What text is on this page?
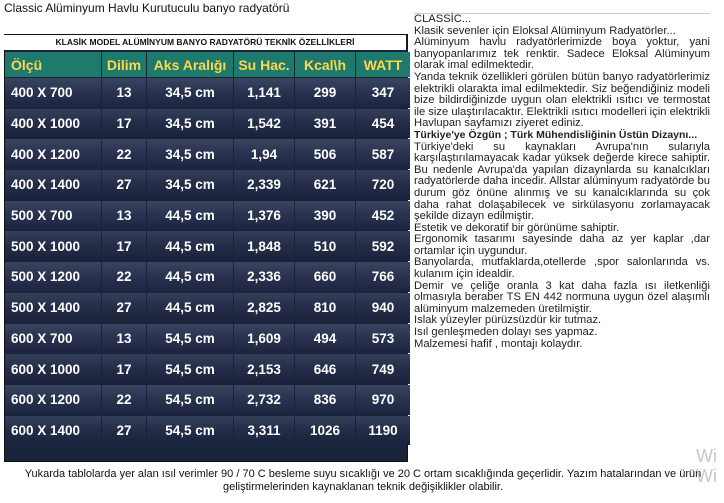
Classic Alüminyum Havlu Kurutuculu banyo radyatörü
KLASİK MODEL ALÜMİNYUM BANYO RADYATÖRÜ TEKNİK ÖZELLİKLERİ
Ölçü	Dilim	Aks Aralığı	Su Hac.	Kcal\h	WATT
400 X 700	13	34,5 cm	1,141	299	347
400 X 1000	17	34,5 cm	1,542	391	454
400 X 1200	22	34,5 cm	1,94	506	587
400 X 1400	27	34,5 cm	2,339	621	720
500 X 700	13	44,5 cm	1,376	390	452
500 X 1000	17	44,5 cm	1,848	510	592
500 X 1200	22	44,5 cm	2,336	660	766
500 X 1400	27	44,5 cm	2,825	810	940
600 X 700	13	54,5 cm	1,609	494	573
600 X 1000	17	54,5 cm	2,153	646	749
600 X 1200	22	54,5 cm	2,732	836	970
600 X 1400	27	54,5 cm	3,311	1026	1190

CLASSİC...

Klasik sevenler için Eloksal Alüminyum Radyatörler...

Alüminyum havlu radyatörlerimizde boya yoktur, yani banyopanlarımız tek renktir. Sadece Eloksal Alüminyum olarak imal edilmektedir.

Yanda teknik özellikleri görülen bütün banyo radyatörlerimiz elektrikli olarakta imal edilmektedir. Siz beğendiğiniz modeli bize bildirdiğinizde uygun olan elektrikli ısıtıcı ve termostat ile size ulaştırılacaktır. Elektrikli ısıtıcı modelleri için elektrikli Havlupan sayfamızı ziyeret ediniz.

Türkiye'ye Özgün ; Türk Mühendisliğinin Üstün Dizaynı...

Türkiye'deki su kaynakları Avrupa'nın sularıyla karşılaştırılamayacak kadar yüksek değerde kirece sahiptir. Bu nedenle Avrupa'da yapılan dizaynlarda su kanalcıkları radyatörlerde daha incedir. Allstar alüminyum radyatörde bu durum göz önüne alınmış ve su kanalcıklarında su çok daha rahat dolaşabilecek ve sirkülasyonu zorlamayacak şekilde dizayn edilmiştir.

Estetik ve dekoratif bir görünüme sahiptir.

Ergonomik tasarımı sayesinde daha az yer kaplar ,dar ortamlar için uygundur.

Banyolarda, mutfaklarda,otellerde ,spor salonlarında vs. kulanım için idealdir.

Demir ve çeliğe oranla 3 kat daha fazla ısı iletkenliği olmasıyla beraber TS EN 442 normuna uygun özel alaşımlı alüminyum malzemeden üretilmiştir.

Islak yüzeyler pürüzsüzdür kir tutmaz.

Isıl genleşmeden dolayı ses yapmaz.

Malzemesi hafif , montajı kolaydır.

Yukarda tablolarda yer alan ısıl verimler 90 / 70 C besleme suyu sıcaklığı ve 20 C ortam sıcaklığında geçerlidir. Yazım hatalarından ve ürün geliştirmelerinden kaynaklanan teknik değişiklikler olabilir.
Wi
Wi
